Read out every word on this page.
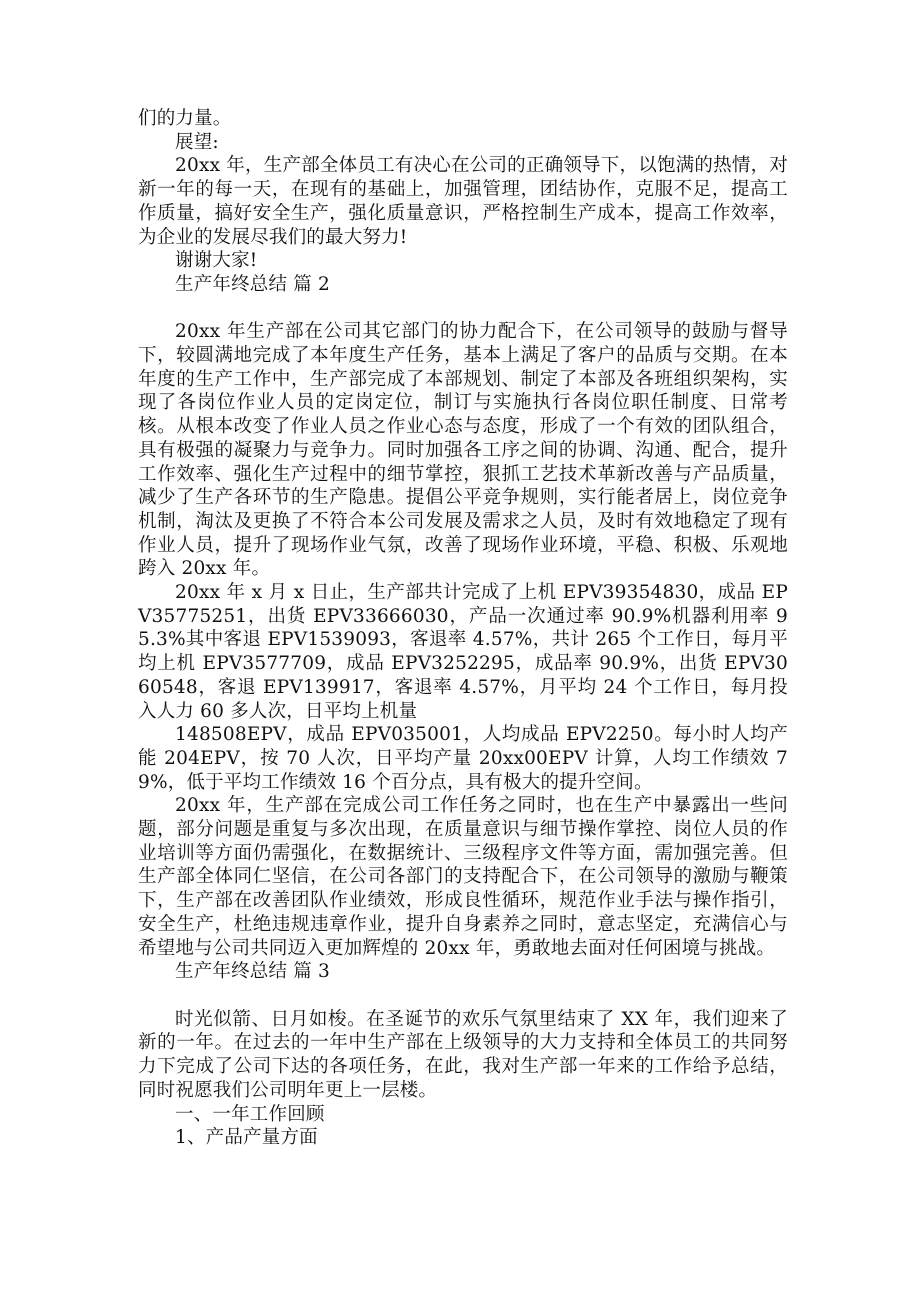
们的力量。

展望:

20xx 年，生产部全体员工有决心在公司的正确领导下，以饱满的热情，对新一年的每一天，在现有的基础上，加强管理，团结协作，克服不足，提高工作质量，搞好安全生产，强化质量意识，严格控制生产成本，提高工作效率，为企业的发展尽我们的最大努力!

谢谢大家!

生产年终总结 篇 2

20xx 年生产部在公司其它部门的协力配合下，在公司领导的鼓励与督导下，较圆满地完成了本年度生产任务，基本上满足了客户的品质与交期。在本年度的生产工作中，生产部完成了本部规划、制定了本部及各班组织架构，实现了各岗位作业人员的定岗定位，制订与实施执行各岗位职任制度、日常考核。从根本改变了作业人员之作业心态与态度，形成了一个有效的团队组合，具有极强的凝聚力与竞争力。同时加强各工序之间的协调、沟通、配合，提升工作效率、强化生产过程中的细节掌控，狠抓工艺技术革新改善与产品质量，减少了生产各环节的生产隐患。提倡公平竞争规则，实行能者居上，岗位竞争机制，淘汰及更换了不符合本公司发展及需求之人员，及时有效地稳定了现有作业人员，提升了现场作业气氛，改善了现场作业环境，平稳、积极、乐观地跨入 20xx 年。

20xx 年 x 月 x 日止，生产部共计完成了上机 EPV39354830，成品 EPV35775251，出货 EPV33666030，产品一次通过率 90.9%机器利用率 95.3%其中客退 EPV1539093，客退率 4.57%，共计 265 个工作日，每月平均上机 EPV3577709，成品 EPV3252295，成品率 90.9%，出货 EPV3060548，客退 EPV139917，客退率 4.57%，月平均 24 个工作日，每月投入人力 60 多人次，日平均上机量

148508EPV，成品 EPV035001，人均成品 EPV2250。每小时人均产能 204EPV，按 70 人次，日平均产量 20xx00EPV 计算，人均工作绩效 79%，低于平均工作绩效 16 个百分点，具有极大的提升空间。

20xx 年，生产部在完成公司工作任务之同时，也在生产中暴露出一些问题，部分问题是重复与多次出现，在质量意识与细节操作掌控、岗位人员的作业培训等方面仍需强化，在数据统计、三级程序文件等方面，需加强完善。但生产部全体同仁坚信，在公司各部门的支持配合下，在公司领导的激励与鞭策下，生产部在改善团队作业绩效，形成良性循环，规范作业手法与操作指引，安全生产，杜绝违规违章作业，提升自身素养之同时，意志坚定，充满信心与希望地与公司共同迈入更加辉煌的 20xx 年，勇敢地去面对任何困境与挑战。

生产年终总结 篇 3

时光似箭、日月如梭。在圣诞节的欢乐气氛里结束了 XX 年，我们迎来了新的一年。在过去的一年中生产部在上级领导的大力支持和全体员工的共同努力下完成了公司下达的各项任务，在此，我对生产部一年来的工作给予总结，同时祝愿我们公司明年更上一层楼。

一、一年工作回顾

1、产品产量方面
